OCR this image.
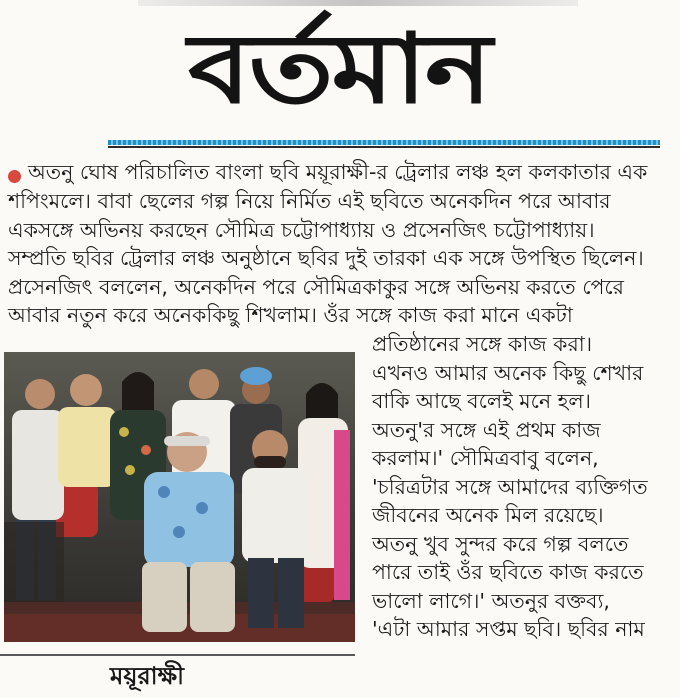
বর্তমান
অতনু ঘোষ পরিচালিত বাংলা ছবি ময়ূরাক্ষী-র ট্রেলার লঞ্চ হল কলকাতার এক
শপিংমলে। বাবা ছেলের গল্প নিয়ে নির্মিত এই ছবিতে অনেকদিন পরে আবার
একসঙ্গে অভিনয় করছেন সৌমিত্র চট্টোপাধ্যায় ও প্রসেনজিৎ চট্টোপাধ্যায়।
সম্প্রতি ছবির ট্রেলার লঞ্চ অনুষ্ঠানে ছবির দুই তারকা এক সঙ্গে উপস্থিত ছিলেন।
প্রসেনজিৎ বললেন, অনেকদিন পরে সৌমিত্রকাকুর সঙ্গে অভিনয় করতে পেরে
আবার নতুন করে অনেককিছু শিখলাম। ওঁর সঙ্গে কাজ করা মানে একটা
প্রতিষ্ঠানের সঙ্গে কাজ করা।
এখনও আমার অনেক কিছু শেখার
বাকি আছে বলেই মনে হল।
অতনু'র সঙ্গে এই প্রথম কাজ
করলাম।' সৌমিত্রবাবু বলেন,
'চরিত্রটার সঙ্গে আমাদের ব্যক্তিগত
জীবনের অনেক মিল রয়েছে।
অতনু খুব সুন্দর করে গল্প বলতে
পারে তাই ওঁর ছবিতে কাজ করতে
ভালো লাগে।' অতনুর বক্তব্য,
'এটা আমার সপ্তম ছবি। ছবির নাম
ময়ূরাক্ষী
